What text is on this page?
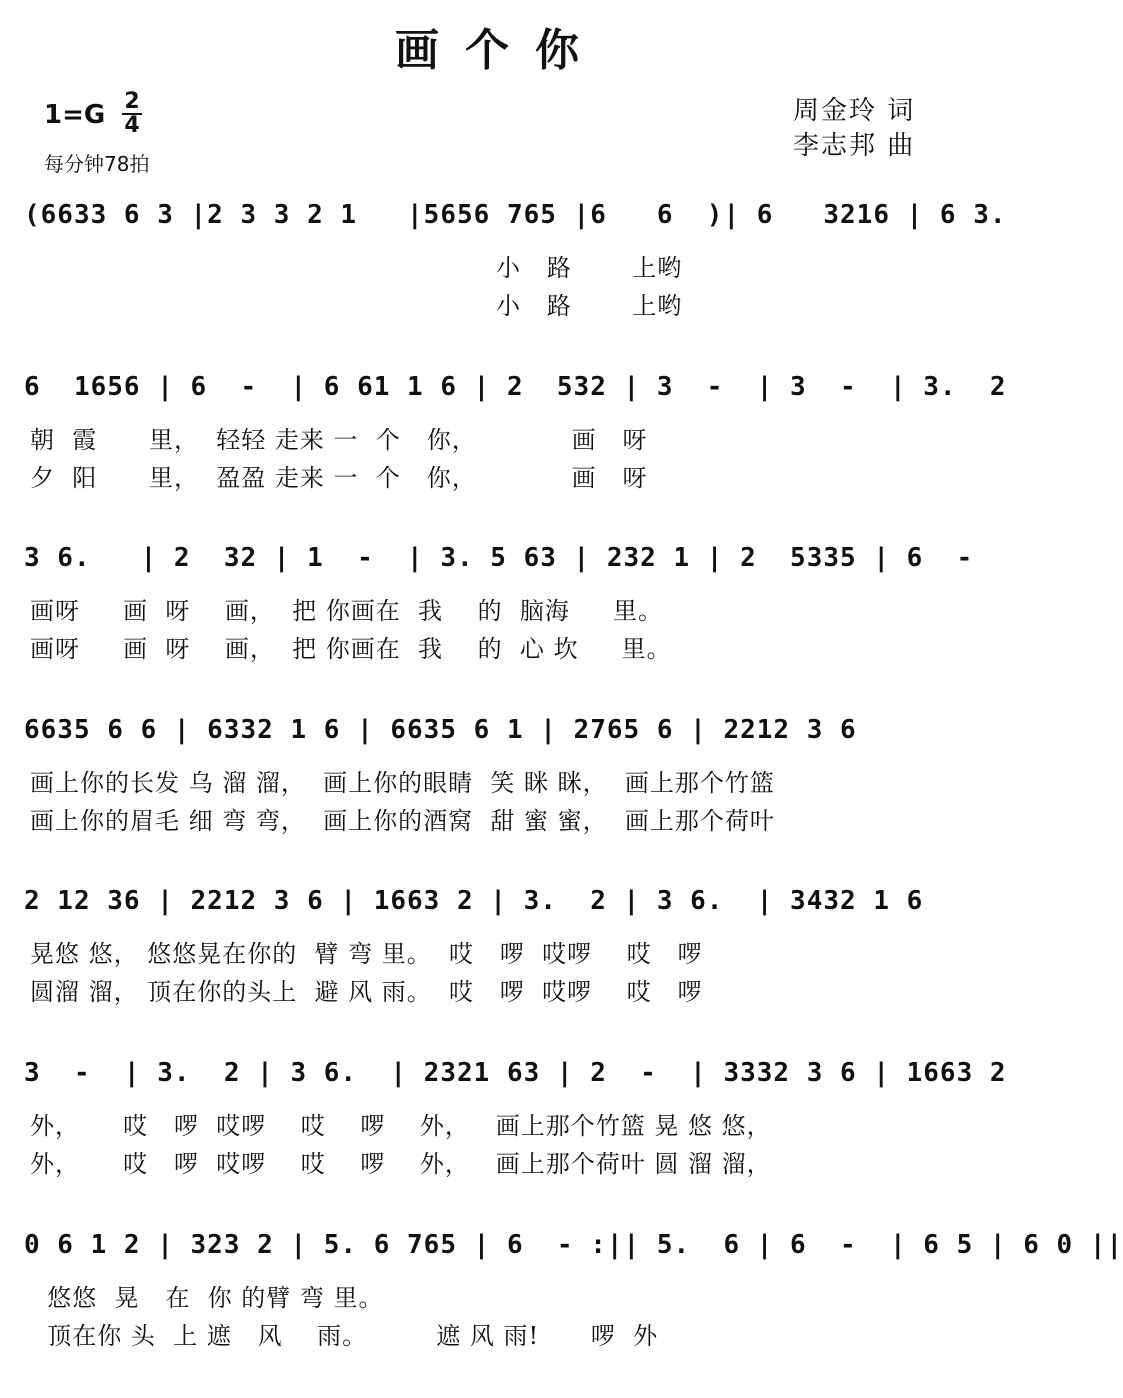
画个你
1=G 2
4
每分钟78拍
周金玲 词
李志邦 曲
(6633 6 3 |2 3 3 2 1   |5656 765 |6   6  )| 6   3216 | 6 3.
小   路       上哟
小   路       上哟
6  1656 | 6  -  | 6 61 1 6 | 2  532 | 3  -  | 3  -  | 3.  2
朝  霞      里，  轻轻 走来 一  个   你，           画   呀
夕  阳      里，  盈盈 走来 一  个   你，           画   呀
3 6.   | 2  32 | 1  -  | 3. 5 63 | 232 1 | 2  5335 | 6  -
画呀     画  呀    画，  把 你画在  我    的  脑海     里。
画呀     画  呀    画，  把 你画在  我    的  心 坎     里。
6635 6 6 | 6332 1 6 | 6635 6 1 | 2765 6 | 2212 3 6
画上你的长发 乌 溜 溜，  画上你的眼睛  笑 眯 眯，  画上那个竹篮
画上你的眉毛 细 弯 弯，  画上你的酒窝  甜 蜜 蜜，  画上那个荷叶
2 12 36 | 2212 3 6 | 1663 2 | 3.  2 | 3 6.  | 3432 1 6
晃悠 悠， 悠悠晃在你的  臂 弯 里。  哎   啰  哎啰    哎   啰
圆溜 溜， 顶在你的头上  避 风 雨。  哎   啰  哎啰    哎   啰
3  -  | 3.  2 | 3 6.  | 2321 63 | 2  -  | 3332 3 6 | 1663 2
外，     哎   啰  哎啰    哎    啰    外，   画上那个竹篮 晃 悠 悠，
外，     哎   啰  哎啰    哎    啰    外，   画上那个荷叶 圆 溜 溜，
0 6 1 2 | 323 2 | 5. 6 765 | 6  - :|| 5.  6 | 6  -  | 6 5 | 6 0 ||
悠悠  晃   在  你 的臂 弯 里。
顶在你 头  上 遮   风    雨。        遮 风 雨!      啰  外
